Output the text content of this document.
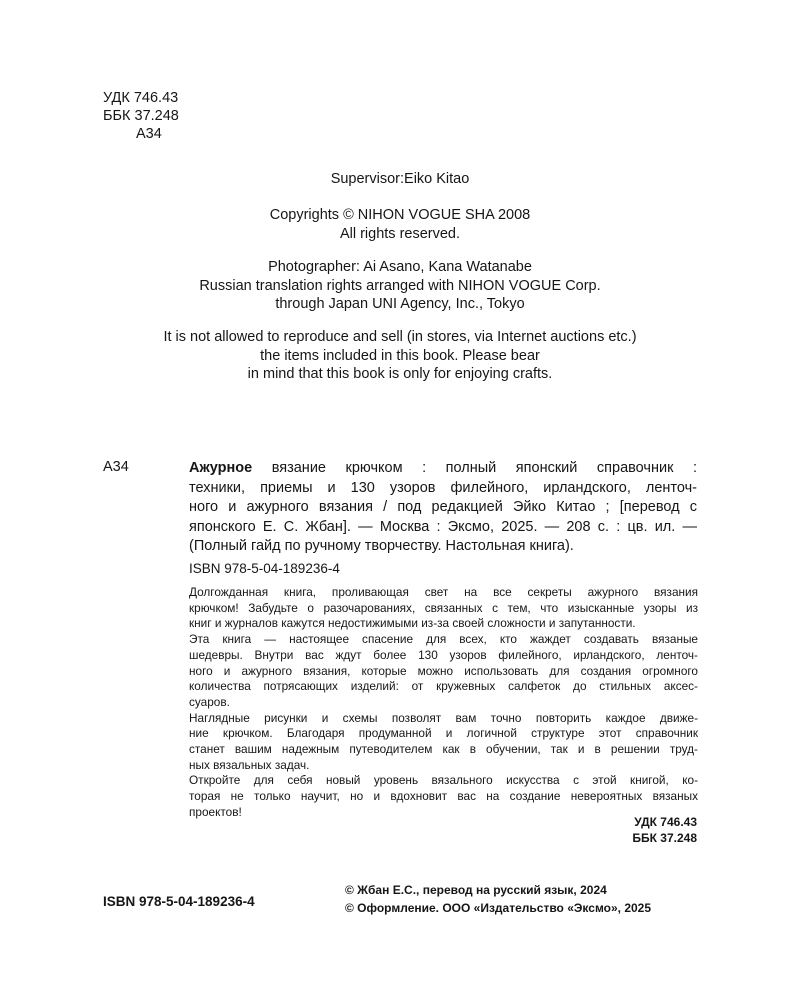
УДК 746.43
ББК 37.248
А34
Supervisor:Eiko Kitao
Copyrights © NIHON VOGUE SHA 2008
All rights reserved.
Photographer: Ai Asano, Kana Watanabe
Russian translation rights arranged with NIHON VOGUE Corp.
through Japan UNI Agency, Inc., Tokyo
It is not allowed to reproduce and sell (in stores, via Internet auctions etc.)
the items included in this book. Please bear
in mind that this book is only for enjoying crafts.
А34	Ажурное вязание крючком : полный японский справочник :
техники, приемы и 130 узоров филейного, ирландского, ленточ-
ного и ажурного вязания / под редакцией Эйко Китао ; [перевод с
японского Е. С. Жбан]. — Москва : Эксмо, 2025. — 208 с. : цв. ил. —
(Полный гайд по ручному творчеству. Настольная книга).
ISBN 978-5-04-189236-4
Долгожданная книга, проливающая свет на все секреты ажурного вязания
крючком! Забудьте о разочарованиях, связанных с тем, что изысканные узоры из
книг и журналов кажутся недостижимыми из-за своей сложности и запутанности.
Эта книга — настоящее спасение для всех, кто жаждет создавать вязаные
шедевры. Внутри вас ждут более 130 узоров филейного, ирландского, ленточ-
ного и ажурного вязания, которые можно использовать для создания огромного
количества потрясающих изделий: от кружевных салфеток до стильных аксес-
суаров.
Наглядные рисунки и схемы позволят вам точно повторить каждое движе-
ние крючком. Благодаря продуманной и логичной структуре этот справочник
станет вашим надежным путеводителем как в обучении, так и в решении труд-
ных вязальных задач.
Откройте для себя новый уровень вязального искусства с этой книгой, ко-
торая не только научит, но и вдохновит вас на создание невероятных вязаных
проектов!
УДК 746.43
ББК 37.248
ISBN 978-5-04-189236-4
© Жбан Е.С., перевод на русский язык, 2024
© Оформление. ООО «Издательство «Эксмо», 2025
